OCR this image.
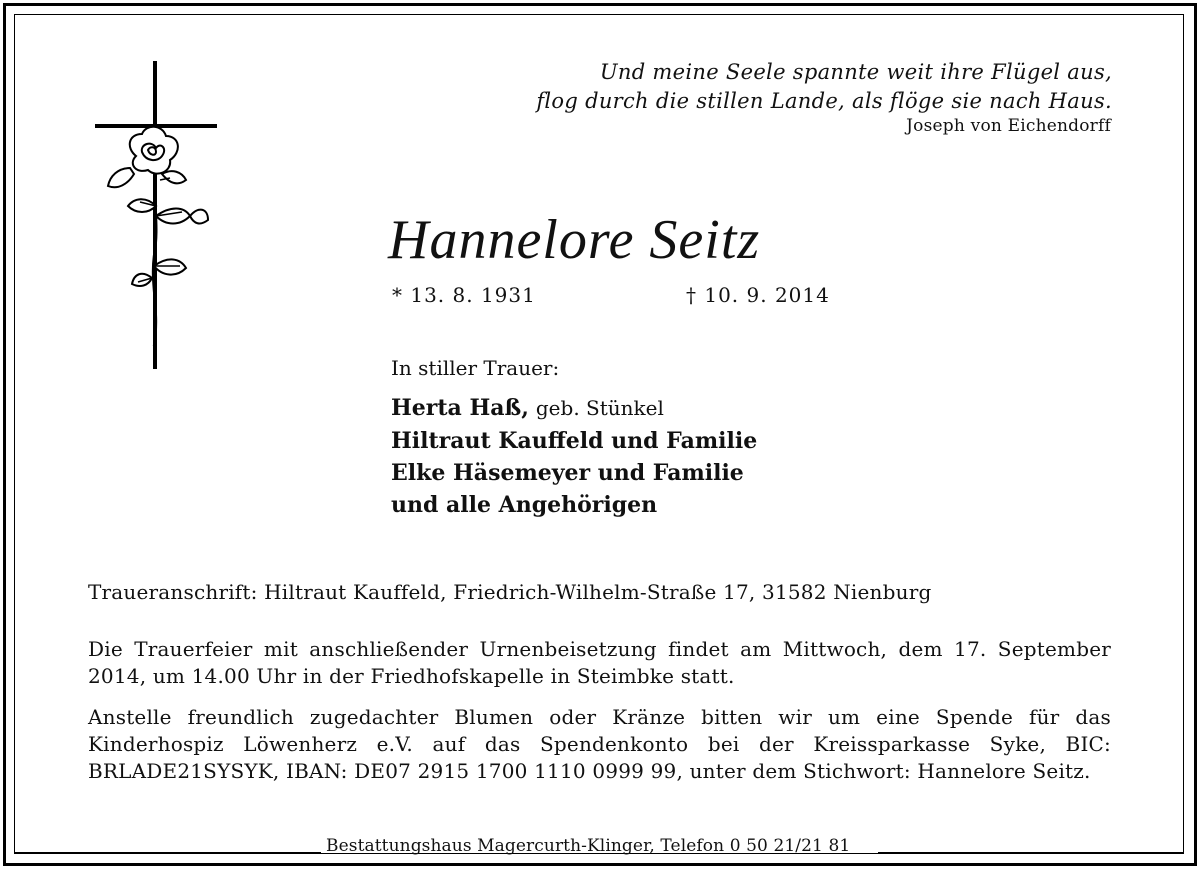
Und meine Seele spannte weit ihre Flügel aus,
flog durch die stillen Lande, als flöge sie nach Haus.
Joseph von Eichendorff
Hannelore Seitz
* 13. 8. 1931	† 10. 9. 2014
In stiller Trauer:
Herta Haß, geb. Stünkel
Hiltraut Kauffeld und Familie
Elke Häsemeyer und Familie
und alle Angehörigen
Traueranschrift: Hiltraut Kauffeld, Friedrich-Wilhelm-Straße 17, 31582 Nienburg
Die Trauerfeier mit anschließender Urnenbeisetzung findet am Mittwoch, dem 17. September 2014, um 14.00 Uhr in der Friedhofskapelle in Steimbke statt.
Anstelle freundlich zugedachter Blumen oder Kränze bitten wir um eine Spende für das Kinderhospiz Löwenherz e.V. auf das Spendenkonto bei der Kreissparkasse Syke, BIC: BRLADE21SYSYK, IBAN: DE07 2915 1700 1110 0999 99, unter dem Stichwort: Hannelore Seitz.
Bestattungshaus Magercurth-Klinger, Telefon 0 50 21/21 81
